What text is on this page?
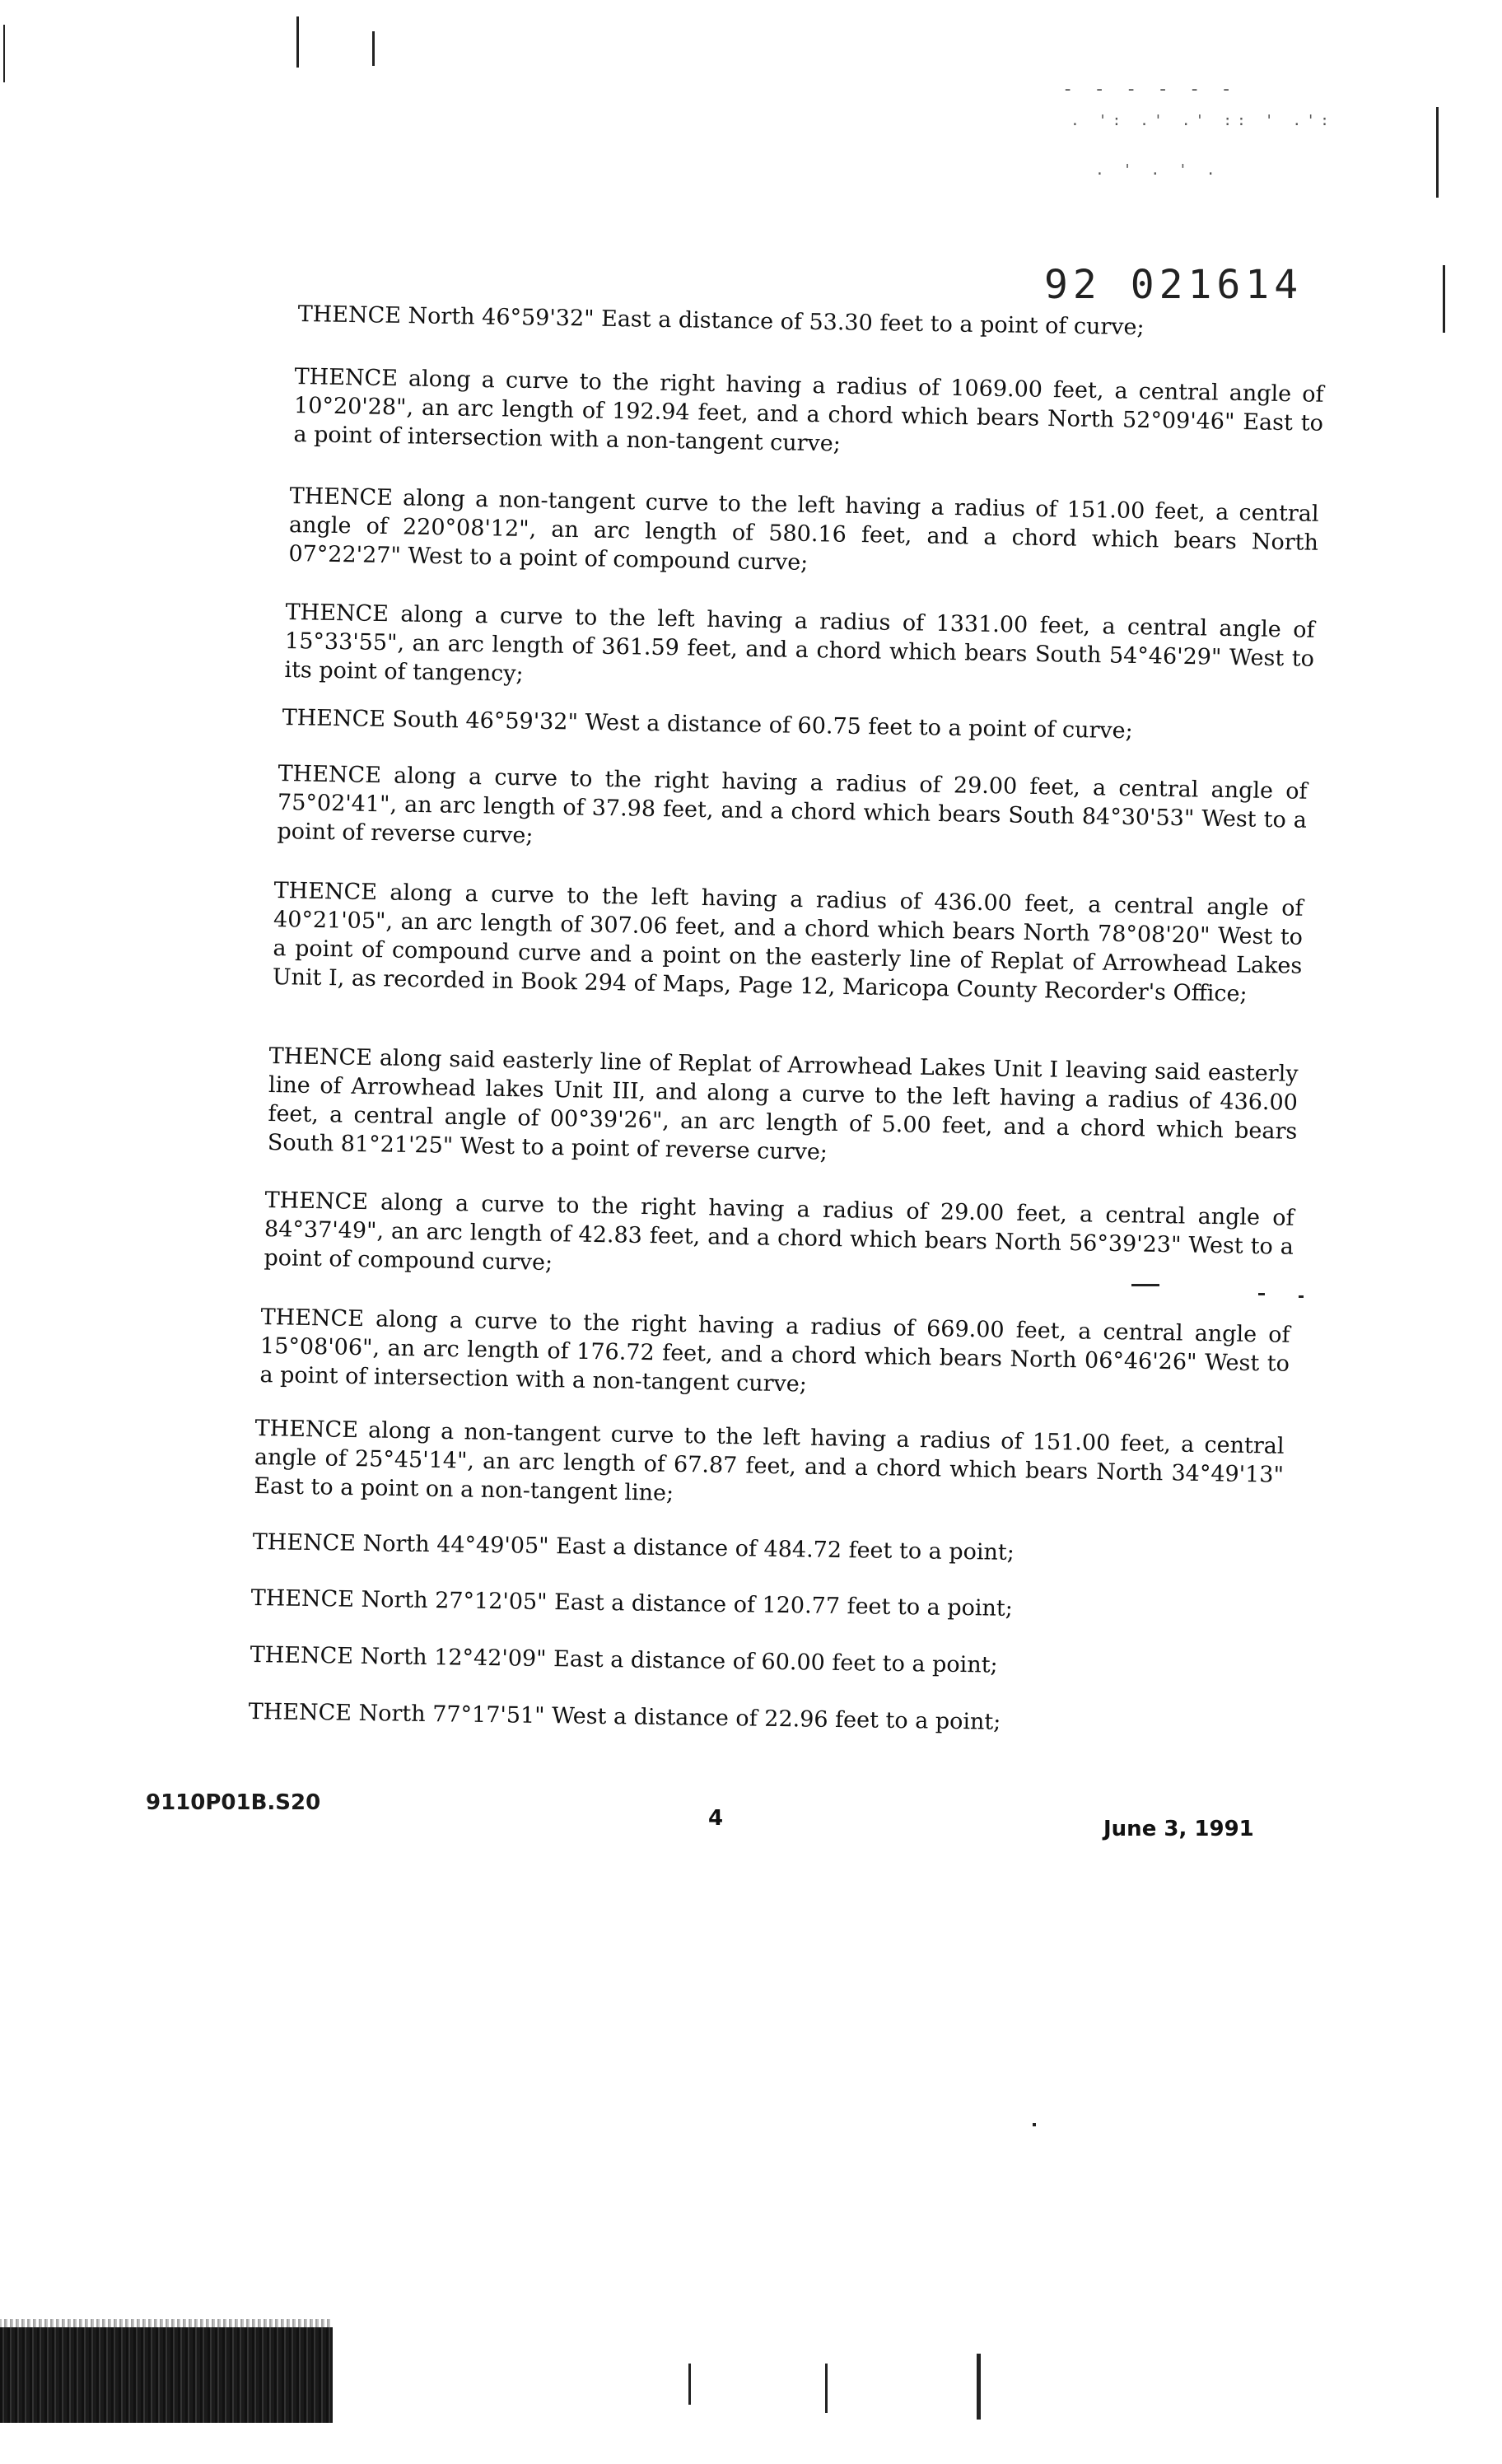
- - - - - -
. ': .' .' :: ' .':
. ' . ' .
92 021614
THENCE North 46°59'32" East a distance of 53.30 feet to a point of curve;
THENCE along a curve to the right having a radius of 1069.00 feet, a central angle of 10°20'28", an arc length of 192.94 feet, and a chord which bears North 52°09'46" East to a point of intersection with a non-tangent curve;
THENCE along a non-tangent curve to the left having a radius of 151.00 feet, a central angle of 220°08'12", an arc length of 580.16 feet, and a chord which bears North 07°22'27" West to a point of compound curve;
THENCE along a curve to the left having a radius of 1331.00 feet, a central angle of 15°33'55", an arc length of 361.59 feet, and a chord which bears South 54°46'29" West to its point of tangency;
THENCE South 46°59'32" West a distance of 60.75 feet to a point of curve;
THENCE along a curve to the right having a radius of 29.00 feet, a central angle of 75°02'41", an arc length of 37.98 feet, and a chord which bears South 84°30'53" West to a point of reverse curve;
THENCE along a curve to the left having a radius of 436.00 feet, a central angle of 40°21'05", an arc length of 307.06 feet, and a chord which bears North 78°08'20" West to a point of compound curve and a point on the easterly line of Replat of Arrowhead Lakes Unit I, as recorded in Book 294 of Maps, Page 12, Maricopa County Recorder's Office;
THENCE along said easterly line of Replat of Arrowhead Lakes Unit I leaving said easterly line of Arrowhead lakes Unit III, and along a curve to the left having a radius of 436.00 feet, a central angle of 00°39'26", an arc length of 5.00 feet, and a chord which bears South 81°21'25" West to a point of reverse curve;
THENCE along a curve to the right having a radius of 29.00 feet, a central angle of 84°37'49", an arc length of 42.83 feet, and a chord which bears North 56°39'23" West to a point of compound curve;
THENCE along a curve to the right having a radius of 669.00 feet, a central angle of 15°08'06", an arc length of 176.72 feet, and a chord which bears North 06°46'26" West to a point of intersection with a non-tangent curve;
THENCE along a non-tangent curve to the left having a radius of 151.00 feet, a central angle of 25°45'14", an arc length of 67.87 feet, and a chord which bears North 34°49'13" East to a point on a non-tangent line;
THENCE North 44°49'05" East a distance of 484.72 feet to a point;
THENCE North 27°12'05" East a distance of 120.77 feet to a point;
THENCE North 12°42'09" East a distance of 60.00 feet to a point;
THENCE North 77°17'51" West a distance of 22.96 feet to a point;
9110P01B.S20
4	June 3, 1991
